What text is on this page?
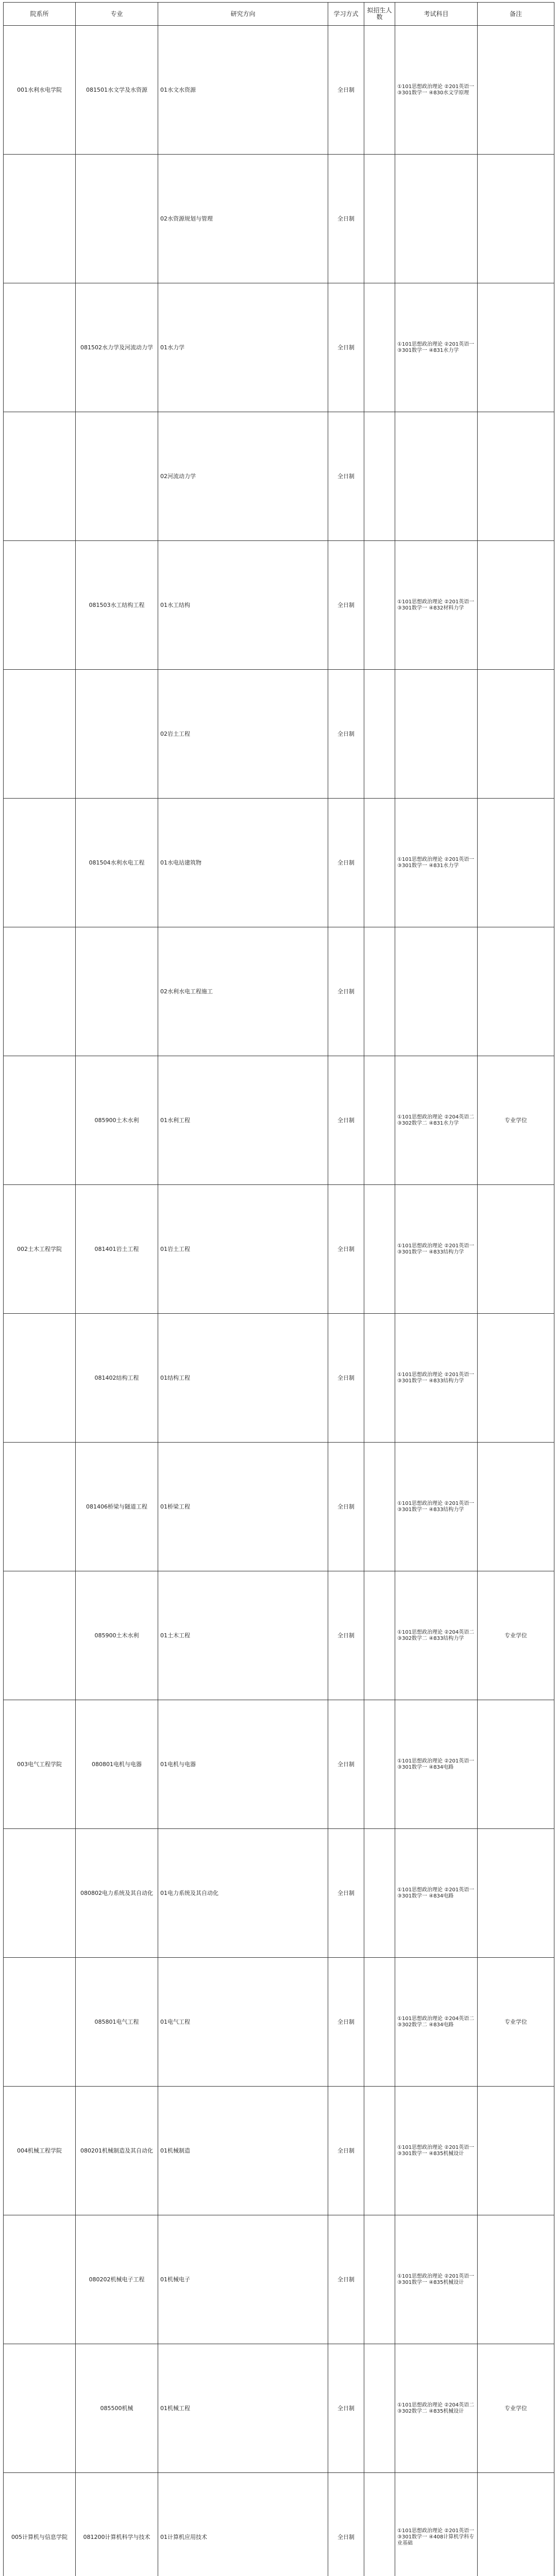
院系所	专业	研究方向	学习方式	拟招生人数	考试科目	备注
001水利水电学院	081501水文学及水资源	01水文水资源	全日制		①101思想政治理论 ②201英语一 ③301数学一 ④830水文学原理	
		02水资源规划与管理	全日制			
	081502水力学及河流动力学	01水力学	全日制		①101思想政治理论 ②201英语一 ③301数学一 ④831水力学	
		02河流动力学	全日制			
	081503水工结构工程	01水工结构	全日制		①101思想政治理论 ②201英语一 ③301数学一 ④832材料力学	
		02岩土工程	全日制			
	081504水利水电工程	01水电站建筑物	全日制		①101思想政治理论 ②201英语一 ③301数学一 ④831水力学	
		02水利水电工程施工	全日制			
	085900土木水利	01水利工程	全日制		①101思想政治理论 ②204英语二 ③302数学二 ④831水力学	专业学位
002土木工程学院	081401岩土工程	01岩土工程	全日制		①101思想政治理论 ②201英语一 ③301数学一 ④833结构力学	
	081402结构工程	01结构工程	全日制		①101思想政治理论 ②201英语一 ③301数学一 ④833结构力学	
	081406桥梁与隧道工程	01桥梁工程	全日制		①101思想政治理论 ②201英语一 ③301数学一 ④833结构力学	
	085900土木水利	01土木工程	全日制		①101思想政治理论 ②204英语二 ③302数学二 ④833结构力学	专业学位
003电气工程学院	080801电机与电器	01电机与电器	全日制		①101思想政治理论 ②201英语一 ③301数学一 ④834电路	
	080802电力系统及其自动化	01电力系统及其自动化	全日制		①101思想政治理论 ②201英语一 ③301数学一 ④834电路	
	085801电气工程	01电气工程	全日制		①101思想政治理论 ②204英语二 ③302数学二 ④834电路	专业学位
004机械工程学院	080201机械制造及其自动化	01机械制造	全日制		①101思想政治理论 ②201英语一 ③301数学一 ④835机械设计	
	080202机械电子工程	01机械电子	全日制		①101思想政治理论 ②201英语一 ③301数学一 ④835机械设计	
	085500机械	01机械工程	全日制		①101思想政治理论 ②204英语二 ③302数学二 ④835机械设计	专业学位
005计算机与信息学院	081200计算机科学与技术	01计算机应用技术	全日制		①101思想政治理论 ②201英语一 ③301数学一 ④408计算机学科专业基础	
